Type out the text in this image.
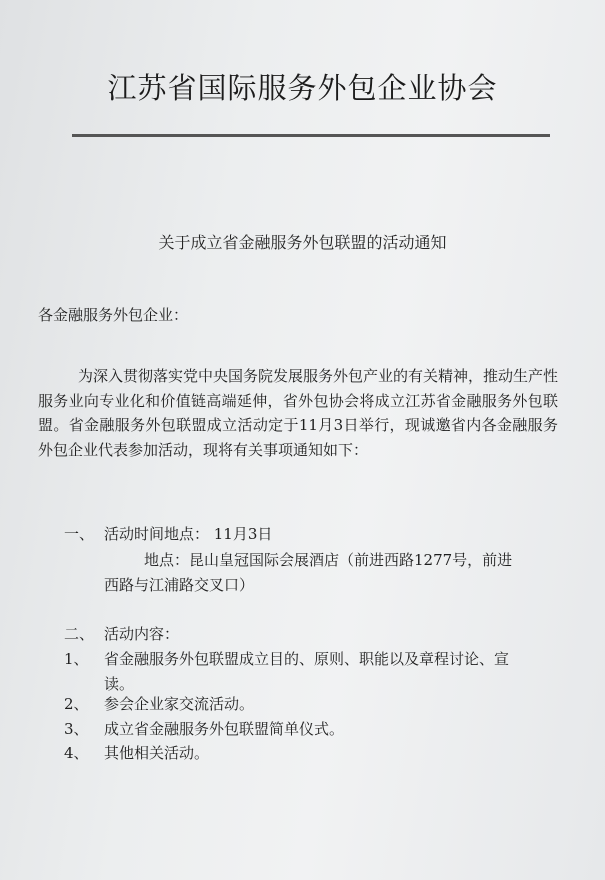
江苏省国际服务外包企业协会
关于成立省金融服务外包联盟的活动通知
各金融服务外包企业：
为深入贯彻落实党中央国务院发展服务外包产业的有关精神，推动生产性服务业向专业化和价值链高端延伸，省外包协会将成立江苏省金融服务外包联盟。省金融服务外包联盟成立活动定于11月3日举行，现诚邀省内各金融服务外包企业代表参加活动，现将有关事项通知如下：
一、 活动时间地点： 11月3日
地点：昆山皇冠国际会展酒店（前进西路1277号，前进
西路与江浦路交叉口）
二、 活动内容：
1、 省金融服务外包联盟成立目的、原则、职能以及章程讨论、宣
读。
2、 参会企业家交流活动。
3、 成立省金融服务外包联盟简单仪式。
4、 其他相关活动。
